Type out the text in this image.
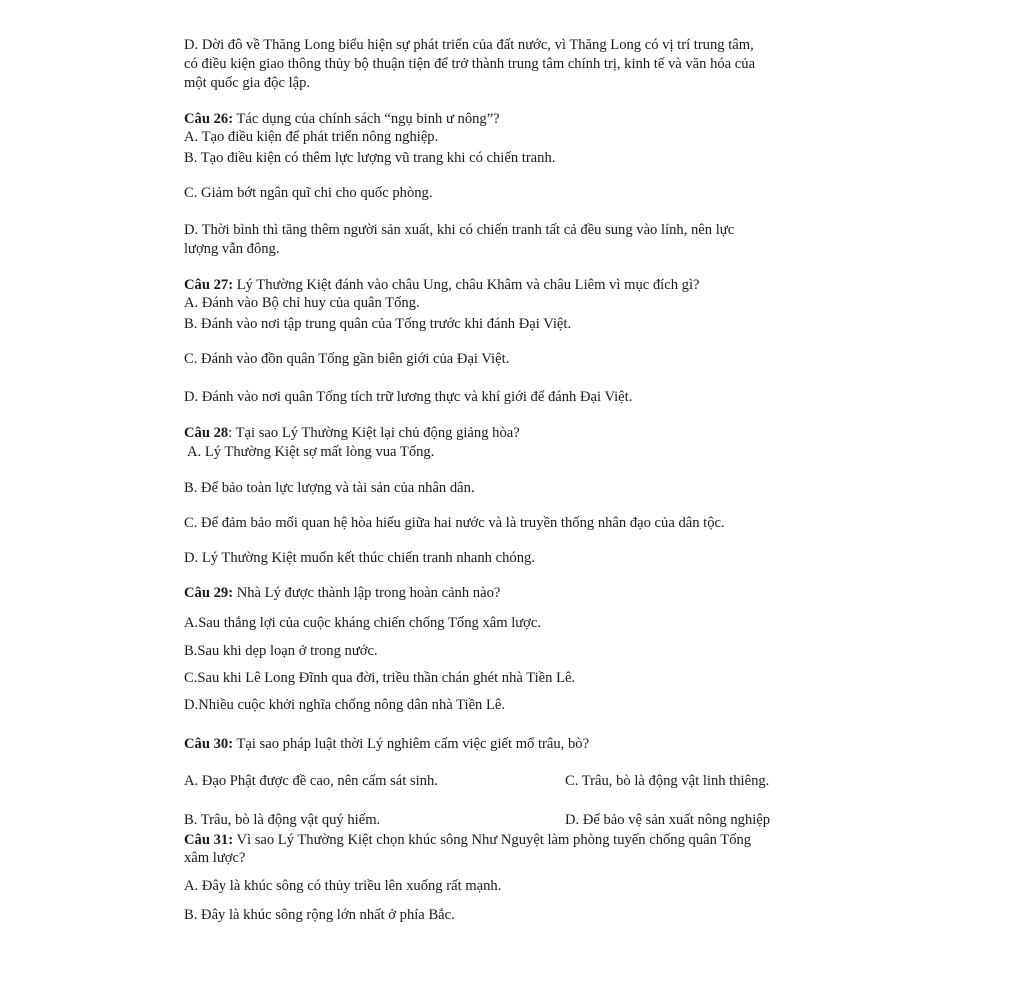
D. Dời đô về Thăng Long biểu hiện sự phát triển của đất nước, vì Thăng Long có vị trí trung tâm,
có điều kiện giao thông thủy bộ thuận tiện để trở thành trung tâm chính trị, kinh tế và văn hóa của
một quốc gia độc lập.
Câu 26: Tác dụng của chính sách “ngụ binh ư nông”?
A. Tạo điều kiện để phát triển nông nghiệp.
B. Tạo điều kiện có thêm lực lượng vũ trang khi có chiến tranh.
C. Giảm bớt ngân quĩ chi cho quốc phòng.
D. Thời bình thì tăng thêm người sản xuất, khi có chiến tranh tất cả đều sung vào lính, nên lực
lượng vẫn đông.
Câu 27: Lý Thường Kiệt đánh vào châu Ung, châu Khâm và châu Liêm vì mục đích gì?
A. Đánh vào Bộ chỉ huy của quân Tống.
B. Đánh vào nơi tập trung quân của Tống trước khi đánh Đại Việt.
C. Đánh vào đồn quân Tống gần biên giới của Đại Việt.
D. Đánh vào nơi quân Tống tích trữ lương thực và khí giới để đánh Đại Việt.
Câu 28: Tại sao Lý Thường Kiệt lại chủ động giảng hòa?
A. Lý Thường Kiệt sợ mất lòng vua Tống.
B. Để bảo toàn lực lượng và tài sản của nhân dân.
C. Để đảm bảo mối quan hệ hòa hiếu giữa hai nước và là truyền thống nhân đạo của dân tộc.
D. Lý Thường Kiệt muốn kết thúc chiến tranh nhanh chóng.
Câu 29: Nhà Lý được thành lập trong hoàn cảnh nào?
A.Sau thắng lợi của cuộc kháng chiến chống Tống xâm lược.
B.Sau khi dẹp loạn ở trong nước.
C.Sau khi Lê Long Đĩnh qua đời, triều thần chán ghét nhà Tiền Lê.
D.Nhiều cuộc khởi nghĩa chống nông dân nhà Tiền Lê.
Câu 30: Tại sao pháp luật thời Lý nghiêm cấm việc giết mổ trâu, bò?
A. Đạo Phật được đề cao, nên cấm sát sinh.	C. Trâu, bò là động vật linh thiêng.
B. Trâu, bò là động vật quý hiếm.	D. Để bảo vệ sản xuất nông nghiệp
Câu 31: Vì sao Lý Thường Kiệt chọn khúc sông Như Nguyệt làm phòng tuyến chống quân Tống
xâm lược?
A. Đây là khúc sông có thủy triều lên xuống rất mạnh.
B. Đây là khúc sông rộng lớn nhất ở phía Bắc.
